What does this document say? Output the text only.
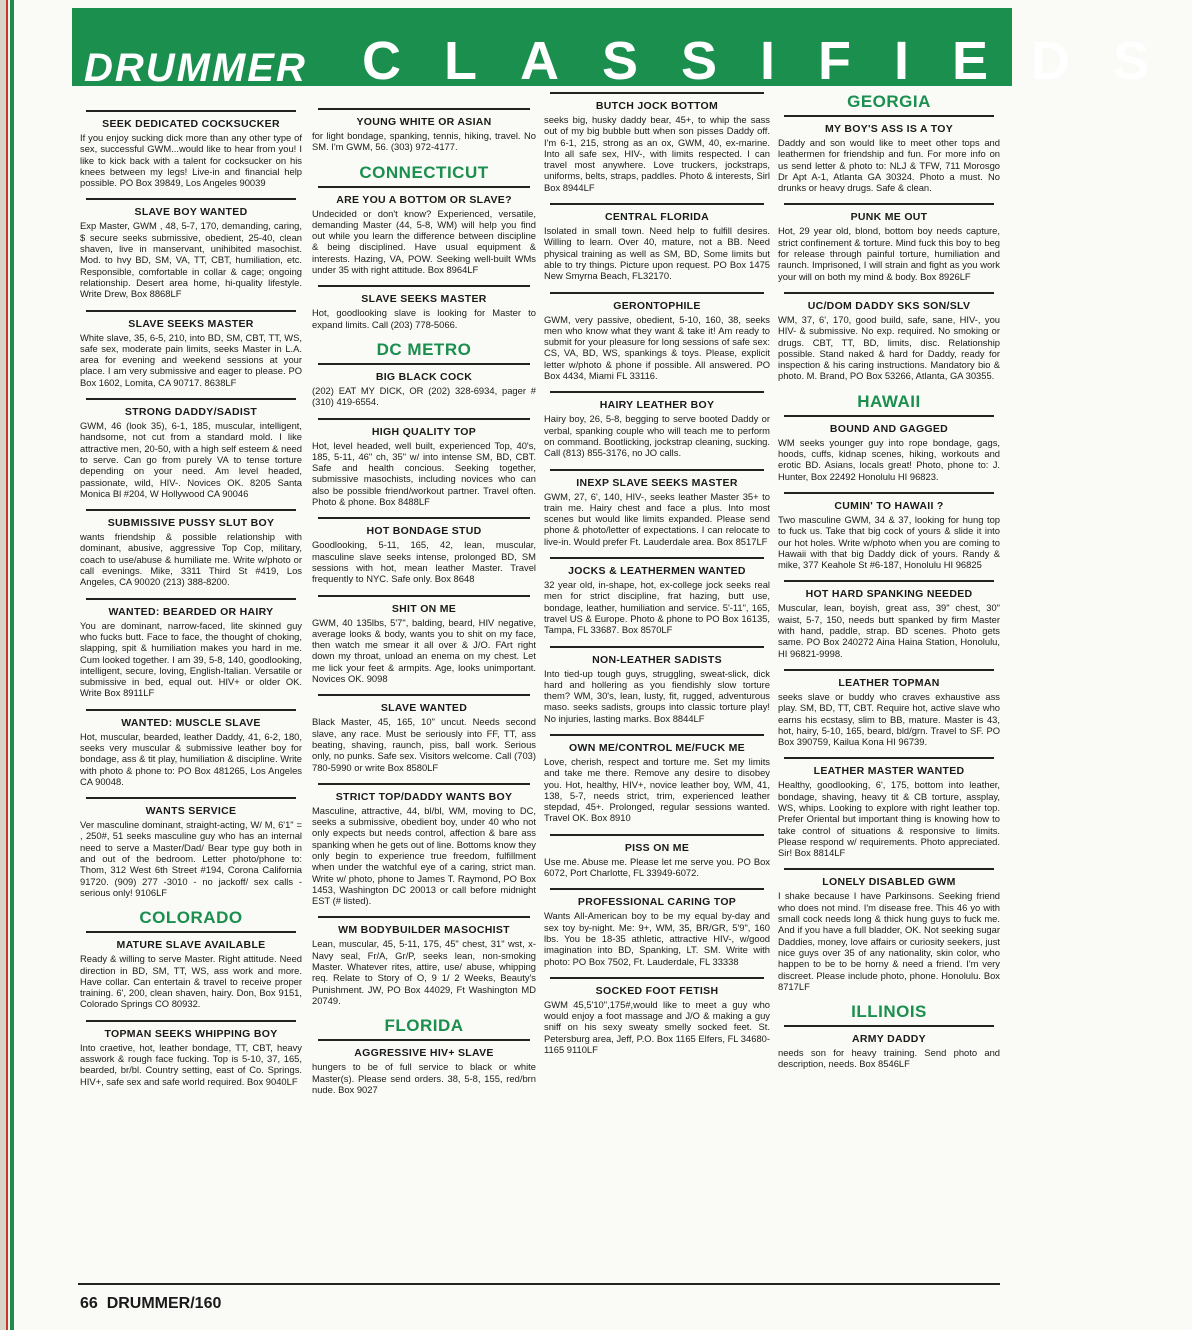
DRUMMER CLASSIFIEDS
SEEK DEDICATED COCKSUCKER

If you enjoy sucking dick more than any other type of sex, successful GWM...would like to hear from you! I like to kick back with a talent for cocksucker on his knees between my legs! Live-in and financial help possible. PO Box 39849, Los Angeles 90039

SLAVE BOY WANTED

Exp Master, GWM , 48, 5-7, 170, demanding, caring, $ secure seeks submissive, obedient, 25-40, clean shaven, live in manservant, unihibited masochist. Mod. to hvy BD, SM, VA, TT, CBT, humiliation, etc. Responsible, comfortable in collar & cage; ongoing relationship. Desert area home, hi-quality lifestyle. Write Drew, Box 8868LF

SLAVE SEEKS MASTER

White slave, 35, 6-5, 210, into BD, SM, CBT, TT, WS, safe sex, moderate pain limits, seeks Master in L.A. area for evening and weekend sessions at your place. I am very submissive and eager to please. PO Box 1602, Lomita, CA 90717. 8638LF

STRONG DADDY/SADIST

GWM, 46 (look 35), 6-1, 185, muscular, intelligent, handsome, not cut from a standard mold. I like attractive men, 20-50, with a high self esteem & need to serve. Can go from purely VA to tense torture depending on your need. Am level headed, passionate, wild, HIV-. Novices OK. 8205 Santa Monica Bl #204, W Hollywood CA 90046

SUBMISSIVE PUSSY SLUT BOY

wants friendship & possible relationship with dominant, abusive, aggressive Top Cop, military, coach to use/abuse & humiliate me. Write w/photo or call evenings. Mike, 3311 Third St #419, Los Angeles, CA 90020 (213) 388-8200.

WANTED: BEARDED OR HAIRY

You are dominant, narrow-faced, lite skinned guy who fucks butt. Face to face, the thought of choking, slapping, spit & humiliation makes you hard in me. Cum looked together. I am 39, 5-8, 140, goodlooking, intelligent, secure, loving, English-Italian. Versatile or submissive in bed, equal out. HIV+ or older OK. Write Box 8911LF

WANTED: MUSCLE SLAVE

Hot, muscular, bearded, leather Daddy, 41, 6-2, 180, seeks very muscular & submissive leather boy for bondage, ass & tit play, humiliation & discipline. Write with photo & phone to: PO Box 481265, Los Angeles CA 90048.

WANTS SERVICE

Ver masculine dominant, straight-acting, W/ M, 6'1" = , 250#, 51 seeks masculine guy who has an internal need to serve a Master/Dad/ Bear type guy both in and out of the bedroom. Letter photo/phone to: Thom, 312 West 6th Street #194, Corona California 91720. (909) 277 -3010 - no jackoff/ sex calls - serious only! 9106LF

COLORADO
MATURE SLAVE AVAILABLE

Ready & willing to serve Master. Right attitude. Need direction in BD, SM, TT, WS, ass work and more. Have collar. Can entertain & travel to receive proper training. 6', 200, clean shaven, hairy. Don, Box 9151, Colorado Springs CO 80932.

TOPMAN SEEKS WHIPPING BOY

Into craetive, hot, leather bondage, TT, CBT, heavy asswork & rough face fucking. Top is 5-10, 37, 165, bearded, br/bl. Country setting, east of Co. Springs. HIV+, safe sex and safe world required. Box 9040LF

YOUNG WHITE OR ASIAN

for light bondage, spanking, tennis, hiking, travel. No SM. I'm GWM, 56. (303) 972-4177.

CONNECTICUT
ARE YOU A BOTTOM OR SLAVE?

Undecided or don't know? Experienced, versatile, demanding Master (44, 5-8, WM) will help you find out while you learn the difference between discipline & being disciplined. Have usual equipment & interests. Hazing, VA, POW. Seeking well-built WMs under 35 with right attitude. Box 8964LF

SLAVE SEEKS MASTER

Hot, goodlooking slave is looking for Master to expand limits. Call (203) 778-5066.

DC METRO
BIG BLACK COCK

(202) EAT MY DICK, OR (202) 328-6934, pager # (310) 419-6554.

HIGH QUALITY TOP

Hot, level headed, well built, experienced Top, 40's, 185, 5-11, 46" ch, 35" w/ into intense SM, BD, CBT. Safe and health concious. Seeking together, submissive masochists, including novices who can also be possible friend/workout partner. Travel often. Photo & phone. Box 8488LF

HOT BONDAGE STUD

Goodlooking, 5-11, 165, 42, lean, muscular, masculine slave seeks intense, prolonged BD, SM sessions with hot, mean leather Master. Travel frequently to NYC. Safe only. Box 8648

SHIT ON ME

GWM, 40 135lbs, 5'7", balding, beard, HIV negative, average looks & body, wants you to shit on my face, then watch me smear it all over & J/O. FArt right down my throat, unload an enema on my chest. Let me lick your feet & armpits. Age, looks unimportant. Novices OK. 9098

SLAVE WANTED

Black Master, 45, 165, 10" uncut. Needs second slave, any race. Must be seriously into FF, TT, ass beating, shaving, raunch, piss, ball work. Serious only, no punks. Safe sex. Visitors welcome. Call (703) 780-5990 or write Box 8580LF

STRICT TOP/DADDY WANTS BOY

Masculine, attractive, 44, bl/bl, WM, moving to DC, seeks a submissive, obedient boy, under 40 who not only expects but needs control, affection & bare ass spanking when he gets out of line. Bottoms know they only begin to experience true freedom, fulfillment when under the watchful eye of a caring, strict man. Write w/ photo, phone to James T. Raymond, PO Box 1453, Washington DC 20013 or call before midnight EST (# listed).

WM BODYBUILDER MASOCHIST

Lean, muscular, 45, 5-11, 175, 45" chest, 31" wst, x-Navy seal, Fr/A, Gr/P, seeks lean, non-smoking Master. Whatever rites, attire, use/ abuse, whipping req. Relate to Story of O, 9 1/ 2 Weeks, Beauty's Punishment. JW, PO Box 44029, Ft Washington MD 20749.

FLORIDA
AGGRESSIVE HIV+ SLAVE

hungers to be of full service to black or white Master(s). Please send orders. 38, 5-8, 155, red/brn nude. Box 9027

BUTCH JOCK BOTTOM

seeks big, husky daddy bear, 45+, to whip the sass out of my big bubble butt when son pisses Daddy off. I'm 6-1, 215, strong as an ox, GWM, 40, ex-marine. Into all safe sex, HIV-, with limits respected. I can travel most anywhere. Love truckers, jockstraps, uniforms, belts, straps, paddles. Photo & interests, Sirl Box 8944LF

CENTRAL FLORIDA

Isolated in small town. Need help to fulfill desires. Willing to learn. Over 40, mature, not a BB. Need physical training as well as SM, BD, Some limits but able to try things. Picture upon request. PO Box 1475 New Smyrna Beach, FL32170.

GERONTOPHILE

GWM, very passive, obedient, 5-10, 160, 38, seeks men who know what they want & take it! Am ready to submit for your pleasure for long sessions of safe sex: CS, VA, BD, WS, spankings & toys. Please, explicit letter w/photo & phone if possible. All answered. PO Box 4434, Miami FL 33116.

HAIRY LEATHER BOY

Hairy boy, 26, 5-8, begging to serve booted Daddy or verbal, spanking couple who will teach me to perform on command. Bootlicking, jockstrap cleaning, sucking. Call (813) 855-3176, no JO calls.

INEXP SLAVE SEEKS MASTER

GWM, 27, 6', 140, HIV-, seeks leather Master 35+ to train me. Hairy chest and face a plus. Into most scenes but would like limits expanded. Please send phone & photo/letter of expectations. I can relocate to live-in. Would prefer Ft. Lauderdale area. Box 8517LF

JOCKS & LEATHERMEN WANTED

32 year old, in-shape, hot, ex-college jock seeks real men for strict discipline, frat hazing, butt use, bondage, leather, humiliation and service. 5'-11", 165, travel US & Europe. Photo & phone to PO Box 16135, Tampa, FL 33687. Box 8570LF

NON-LEATHER SADISTS

Into tied-up tough guys, struggling, sweat-slick, dick hard and hollering as you fiendishly slow torture them? WM, 30's, lean, lusty, fit, rugged, adventurous maso. seeks sadists, groups into classic torture play! No injuries, lasting marks. Box 8844LF

OWN ME/CONTROL ME/FUCK ME

Love, cherish, respect and torture me. Set my limits and take me there. Remove any desire to disobey you. Hot, healthy, HIV+, novice leather boy, WM, 41, 138, 5-7, needs strict, trim, experienced leather stepdad, 45+. Prolonged, regular sessions wanted. Travel OK. Box 8910

PISS ON ME

Use me. Abuse me. Please let me serve you. PO Box 6072, Port Charlotte, FL 33949-6072.

PROFESSIONAL CARING TOP

Wants All-American boy to be my equal by-day and sex toy by-night. Me: 9+, WM, 35, BR/GR, 5'9", 160 lbs. You be 18-35 athletic, attractive HIV-, w/good imagination into BD, Spanking, LT. SM. Write with photo: PO Box 7502, Ft. Lauderdale, FL 33338

SOCKED FOOT FETISH

GWM 45,5'10",175#,would like to meet a guy who would enjoy a foot massage and J/O & making a guy sniff on his sexy sweaty smelly socked feet. St. Petersburg area, Jeff, P.O. Box 1165 Elfers, FL 34680-1165 9110LF

GEORGIA
MY BOY'S ASS IS A TOY

Daddy and son would like to meet other tops and leathermen for friendship and fun. For more info on us send letter & photo to: NLJ & TFW, 711 Morosgo Dr Apt A-1, Atlanta GA 30324. Photo a must. No drunks or heavy drugs. Safe & clean.

PUNK ME OUT

Hot, 29 year old, blond, bottom boy needs capture, strict confinement & torture. Mind fuck this boy to beg for release through painful torture, humiliation and raunch. Imprisoned, I will strain and fight as you work your will on both my mind & body. Box 8926LF

UC/DOM DADDY SKS SON/SLV

WM, 37, 6', 170, good build, safe, sane, HIV-, you HIV- & submissive. No exp. required. No smoking or drugs. CBT, TT, BD, limits, disc. Relationship possible. Stand naked & hard for Daddy, ready for inspection & his caring instructions. Mandatory bio & photo. M. Brand, PO Box 53266, Atlanta, GA 30355.

HAWAII
BOUND AND GAGGED

WM seeks younger guy into rope bondage, gags, hoods, cuffs, kidnap scenes, hiking, workouts and erotic BD. Asians, locals great! Photo, phone to: J. Hunter, Box 22492 Honolulu HI 96823.

CUMIN' TO HAWAII ?

Two masculine GWM, 34 & 37, looking for hung top to fuck us. Take that big cock of yours & slide it into our hot holes. Write w/photo when you are coming to Hawaii with that big Daddy dick of yours. Randy & mike, 377 Keahole St #6-187, Honolulu HI 96825

HOT HARD SPANKING NEEDED

Muscular, lean, boyish, great ass, 39" chest, 30" waist, 5-7, 150, needs butt spanked by firm Master with hand, paddle, strap. BD scenes. Photo gets same. PO Box 240272 Aina Haina Station, Honolulu, HI 96821-9998.

LEATHER TOPMAN

seeks slave or buddy who craves exhaustive ass play. SM, BD, TT, CBT. Require hot, active slave who earns his ecstasy, slim to BB, mature. Master is 43, hot, hairy, 5-10, 165, beard, bld/grn. Travel to SF. PO Box 390759, Kailua Kona HI 96739.

LEATHER MASTER WANTED

Healthy, goodlooking, 6', 175, bottom into leather, bondage, shaving, heavy tit & CB torture, assplay, WS, whips. Looking to explore with right leather top. Prefer Oriental but important thing is knowing how to take control of situations & responsive to limits. Please respond w/ requirements. Photo appreciated. Sir! Box 8814LF

LONELY DISABLED GWM

I shake because I have Parkinsons. Seeking friend who does not mind. I'm disease free. This 46 yo with small cock needs long & thick hung guys to fuck me. And if you have a full bladder, OK. Not seeking sugar Daddies, money, love affairs or curiosity seekers, just nice guys over 35 of any nationality, skin color, who happen to be to be horny & need a friend. I'm very discreet. Please include photo, phone. Honolulu. Box 8717LF

ILLINOIS
ARMY DADDY

needs son for heavy training. Send photo and description, needs. Box 8546LF

66 DRUMMER/160
